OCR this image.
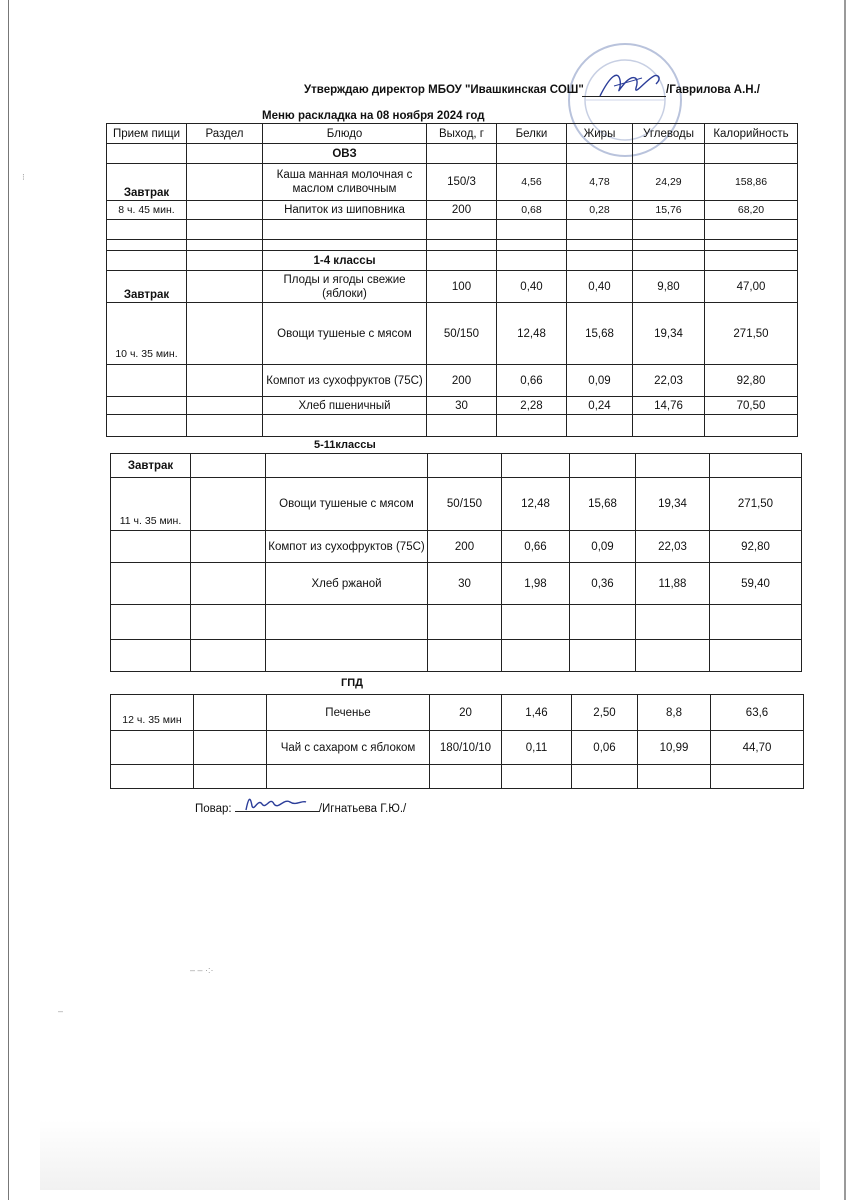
Утверждаю директор МБОУ "Ивашкинская СОШ"	/Гаврилова А.Н./
Меню раскладка на 08 ноября 2024 год
Прием пищи	Раздел	Блюдо	Выход, г	Белки	Жиры	Углеводы	Калорийность
		ОВЗ					
Завтрак		Каша манная молочная с маслом сливочным	150/3	4,56	4,78	24,29	158,86
8 ч. 45 мин.		Напиток из шиповника	200	0,68	0,28	15,76	68,20

		1-4 классы					
Завтрак		Плоды и ягоды свежие (яблоки)	100	0,40	0,40	9,80	47,00
10 ч. 35 мин.		Овощи тушеные с мясом	50/150	12,48	15,68	19,34	271,50
		Компот из сухофруктов (75С)	200	0,66	0,09	22,03	92,80
		Хлеб пшеничный	30	2,28	0,24	14,76	70,50

5-11классы
Завтрак							
11 ч. 35 мин.		Овощи тушеные с мясом	50/150	12,48	15,68	19,34	271,50
		Компот из сухофруктов (75С)	200	0,66	0,09	22,03	92,80
		Хлеб ржаной	30	1,98	0,36	11,88	59,40

ГПД
12 ч. 35 мин		Печенье	20	1,46	2,50	8,8	63,6
		Чай с сахаром с яблоком	180/10/10	0,11	0,06	10,99	44,70

Повар:	/Игнатьева Г.Ю./
⁝
‒ ‒ ·:·
‒
